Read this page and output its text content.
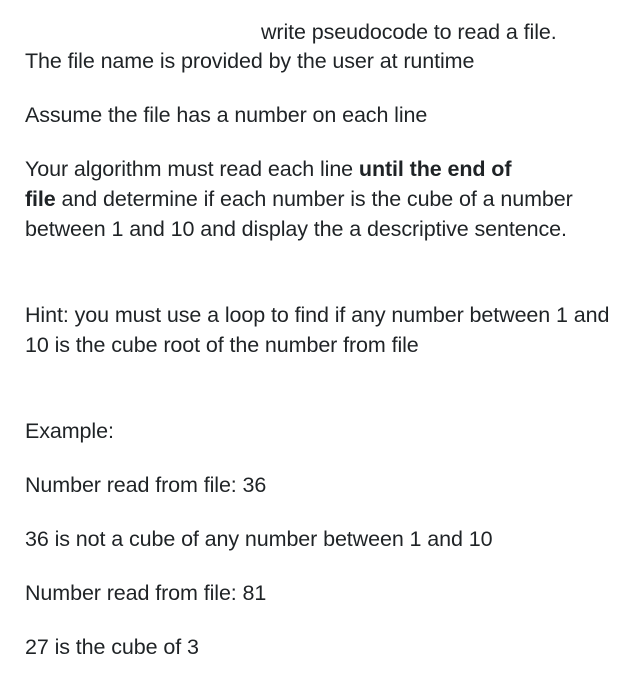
write pseudocode to read a file.
The file name is provided by the user at runtime

Assume the file has a number on each line

Your algorithm must read each line until the end of
file and determine if each number is the cube of a number between 1 and 10 and display the a descriptive sentence.

Hint: you must use a loop to find if any number between 1 and 10 is the cube root of the number from file

Example:

Number read from file: 36

36 is not a cube of any number between 1 and 10

Number read from file: 81

27 is the cube of 3
